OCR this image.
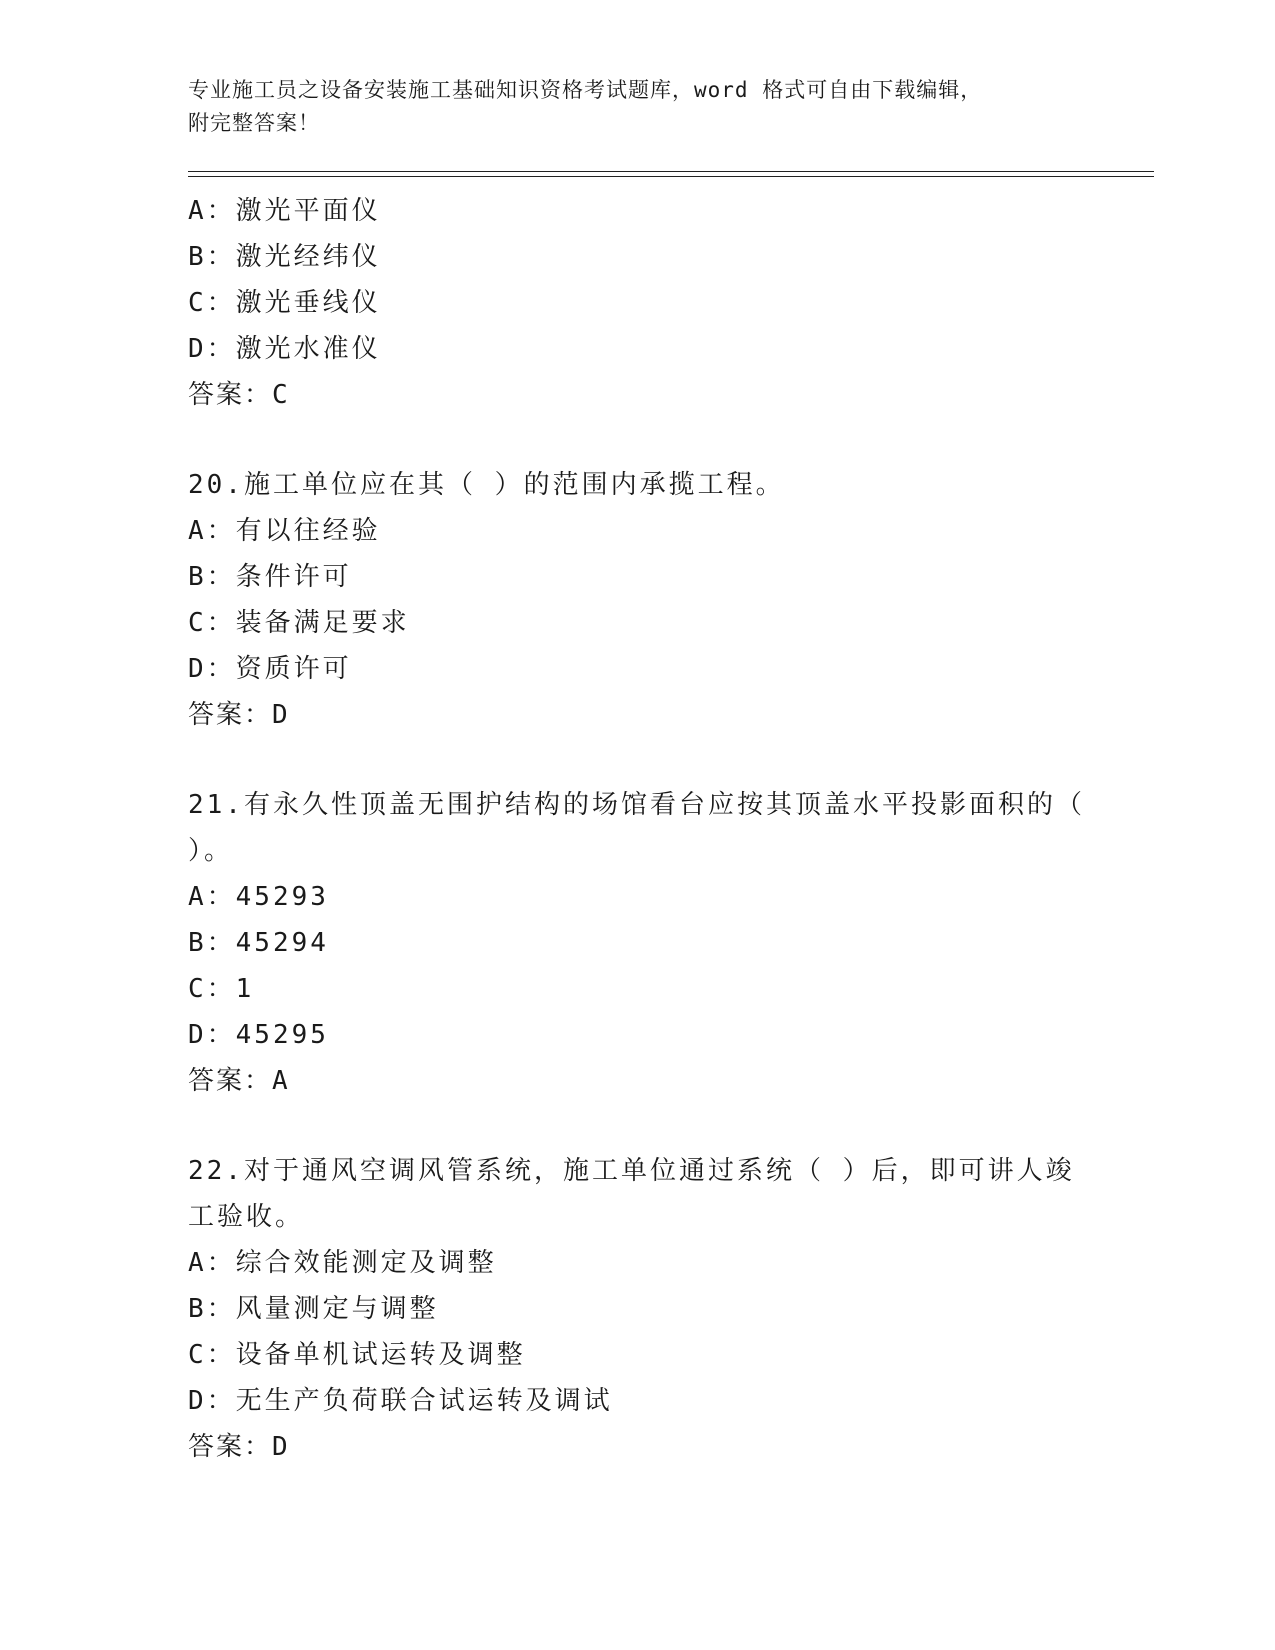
专业施工员之设备安装施工基础知识资格考试题库，word 格式可自由下载编辑，
附完整答案！
A：激光平面仪
B：激光经纬仪
C：激光垂线仪
D：激光水准仪
答案：C
20.施工单位应在其（ ）的范围内承揽工程。
A：有以往经验
B：条件许可
C：装备满足要求
D：资质许可
答案：D
21.有永久性顶盖无围护结构的场馆看台应按其顶盖水平投影面积的（
）。
A：45293
B：45294
C：1
D：45295
答案：A
22.对于通风空调风管系统，施工单位通过系统（ ）后，即可讲人竣
工验收。
A：综合效能测定及调整
B：风量测定与调整
C：设备单机试运转及调整
D：无生产负荷联合试运转及调试
答案：D
